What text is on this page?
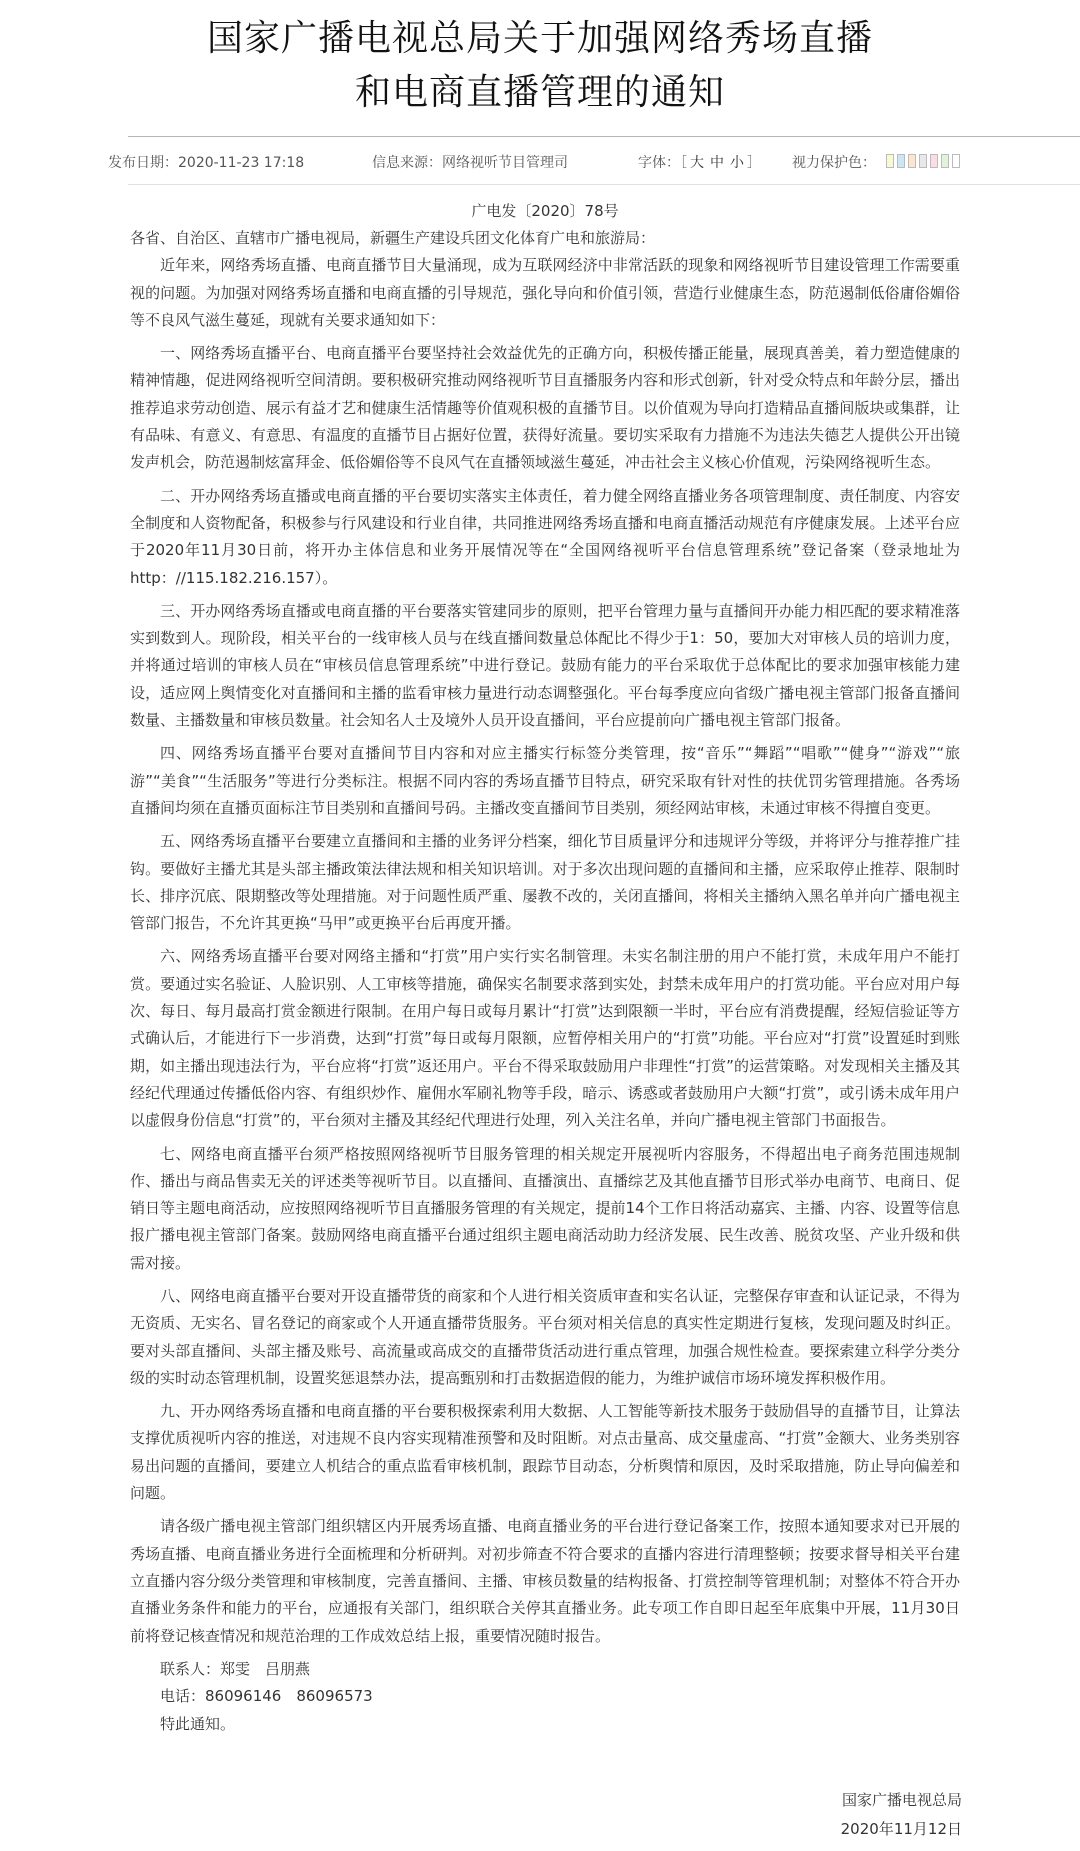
国家广播电视总局关于加强网络秀场直播
和电商直播管理的通知
发布日期：2020-11-23 17:18	信息来源：网络视听节目管理司	字体：［ 大 中 小 ］ 视力保护色：
广电发〔2020〕78号
各省、自治区、直辖市广播电视局，新疆生产建设兵团文化体育广电和旅游局：

近年来，网络秀场直播、电商直播节目大量涌现，成为互联网经济中非常活跃的现象和网络视听节目建设管理工作需要重视的问题。为加强对网络秀场直播和电商直播的引导规范，强化导向和价值引领，营造行业健康生态，防范遏制低俗庸俗媚俗等不良风气滋生蔓延，现就有关要求通知如下：

一、网络秀场直播平台、电商直播平台要坚持社会效益优先的正确方向，积极传播正能量，展现真善美，着力塑造健康的精神情趣，促进网络视听空间清朗。要积极研究推动网络视听节目直播服务内容和形式创新，针对受众特点和年龄分层，播出推荐追求劳动创造、展示有益才艺和健康生活情趣等价值观积极的直播节目。以价值观为导向打造精品直播间版块或集群，让有品味、有意义、有意思、有温度的直播节目占据好位置，获得好流量。要切实采取有力措施不为违法失德艺人提供公开出镜发声机会，防范遏制炫富拜金、低俗媚俗等不良风气在直播领域滋生蔓延，冲击社会主义核心价值观，污染网络视听生态。

二、开办网络秀场直播或电商直播的平台要切实落实主体责任，着力健全网络直播业务各项管理制度、责任制度、内容安全制度和人资物配备，积极参与行风建设和行业自律，共同推进网络秀场直播和电商直播活动规范有序健康发展。上述平台应于2020年11月30日前，将开办主体信息和业务开展情况等在“全国网络视听平台信息管理系统”登记备案（登录地址为http：//115.182.216.157）。

三、开办网络秀场直播或电商直播的平台要落实管建同步的原则，把平台管理力量与直播间开办能力相匹配的要求精准落实到数到人。现阶段，相关平台的一线审核人员与在线直播间数量总体配比不得少于1：50，要加大对审核人员的培训力度，并将通过培训的审核人员在“审核员信息管理系统”中进行登记。鼓励有能力的平台采取优于总体配比的要求加强审核能力建设，适应网上舆情变化对直播间和主播的监看审核力量进行动态调整强化。平台每季度应向省级广播电视主管部门报备直播间数量、主播数量和审核员数量。社会知名人士及境外人员开设直播间，平台应提前向广播电视主管部门报备。

四、网络秀场直播平台要对直播间节目内容和对应主播实行标签分类管理，按“音乐”“舞蹈”“唱歌”“健身”“游戏”“旅游”“美食”“生活服务”等进行分类标注。根据不同内容的秀场直播节目特点，研究采取有针对性的扶优罚劣管理措施。各秀场直播间均须在直播页面标注节目类别和直播间号码。主播改变直播间节目类别，须经网站审核，未通过审核不得擅自变更。

五、网络秀场直播平台要建立直播间和主播的业务评分档案，细化节目质量评分和违规评分等级，并将评分与推荐推广挂钩。要做好主播尤其是头部主播政策法律法规和相关知识培训。对于多次出现问题的直播间和主播，应采取停止推荐、限制时长、排序沉底、限期整改等处理措施。对于问题性质严重、屡教不改的，关闭直播间，将相关主播纳入黑名单并向广播电视主管部门报告，不允许其更换“马甲”或更换平台后再度开播。

六、网络秀场直播平台要对网络主播和“打赏”用户实行实名制管理。未实名制注册的用户不能打赏，未成年用户不能打赏。要通过实名验证、人脸识别、人工审核等措施，确保实名制要求落到实处，封禁未成年用户的打赏功能。平台应对用户每次、每日、每月最高打赏金额进行限制。在用户每日或每月累计“打赏”达到限额一半时，平台应有消费提醒，经短信验证等方式确认后，才能进行下一步消费，达到“打赏”每日或每月限额，应暂停相关用户的“打赏”功能。平台应对“打赏”设置延时到账期，如主播出现违法行为，平台应将“打赏”返还用户。平台不得采取鼓励用户非理性“打赏”的运营策略。对发现相关主播及其经纪代理通过传播低俗内容、有组织炒作、雇佣水军刷礼物等手段，暗示、诱惑或者鼓励用户大额“打赏”，或引诱未成年用户以虚假身份信息“打赏”的，平台须对主播及其经纪代理进行处理，列入关注名单，并向广播电视主管部门书面报告。

七、网络电商直播平台须严格按照网络视听节目服务管理的相关规定开展视听内容服务，不得超出电子商务范围违规制作、播出与商品售卖无关的评述类等视听节目。以直播间、直播演出、直播综艺及其他直播节目形式举办电商节、电商日、促销日等主题电商活动，应按照网络视听节目直播服务管理的有关规定，提前14个工作日将活动嘉宾、主播、内容、设置等信息报广播电视主管部门备案。鼓励网络电商直播平台通过组织主题电商活动助力经济发展、民生改善、脱贫攻坚、产业升级和供需对接。

八、网络电商直播平台要对开设直播带货的商家和个人进行相关资质审查和实名认证，完整保存审查和认证记录，不得为无资质、无实名、冒名登记的商家或个人开通直播带货服务。平台须对相关信息的真实性定期进行复核，发现问题及时纠正。要对头部直播间、头部主播及账号、高流量或高成交的直播带货活动进行重点管理，加强合规性检查。要探索建立科学分类分级的实时动态管理机制，设置奖惩退禁办法，提高甄别和打击数据造假的能力，为维护诚信市场环境发挥积极作用。

九、开办网络秀场直播和电商直播的平台要积极探索利用大数据、人工智能等新技术服务于鼓励倡导的直播节目，让算法支撑优质视听内容的推送，对违规不良内容实现精准预警和及时阻断。对点击量高、成交量虚高、“打赏”金额大、业务类别容易出问题的直播间，要建立人机结合的重点监看审核机制，跟踪节目动态，分析舆情和原因，及时采取措施，防止导向偏差和问题。

请各级广播电视主管部门组织辖区内开展秀场直播、电商直播业务的平台进行登记备案工作，按照本通知要求对已开展的秀场直播、电商直播业务进行全面梳理和分析研判。对初步筛查不符合要求的直播内容进行清理整顿；按要求督导相关平台建立直播内容分级分类管理和审核制度，完善直播间、主播、审核员数量的结构报备、打赏控制等管理机制；对整体不符合开办直播业务条件和能力的平台，应通报有关部门，组织联合关停其直播业务。此专项工作自即日起至年底集中开展，11月30日前将登记核查情况和规范治理的工作成效总结上报，重要情况随时报告。

联系人：郑雯　吕朋燕
电话：86096146　86096573
特此通知。
国家广播电视总局
2020年11月12日
